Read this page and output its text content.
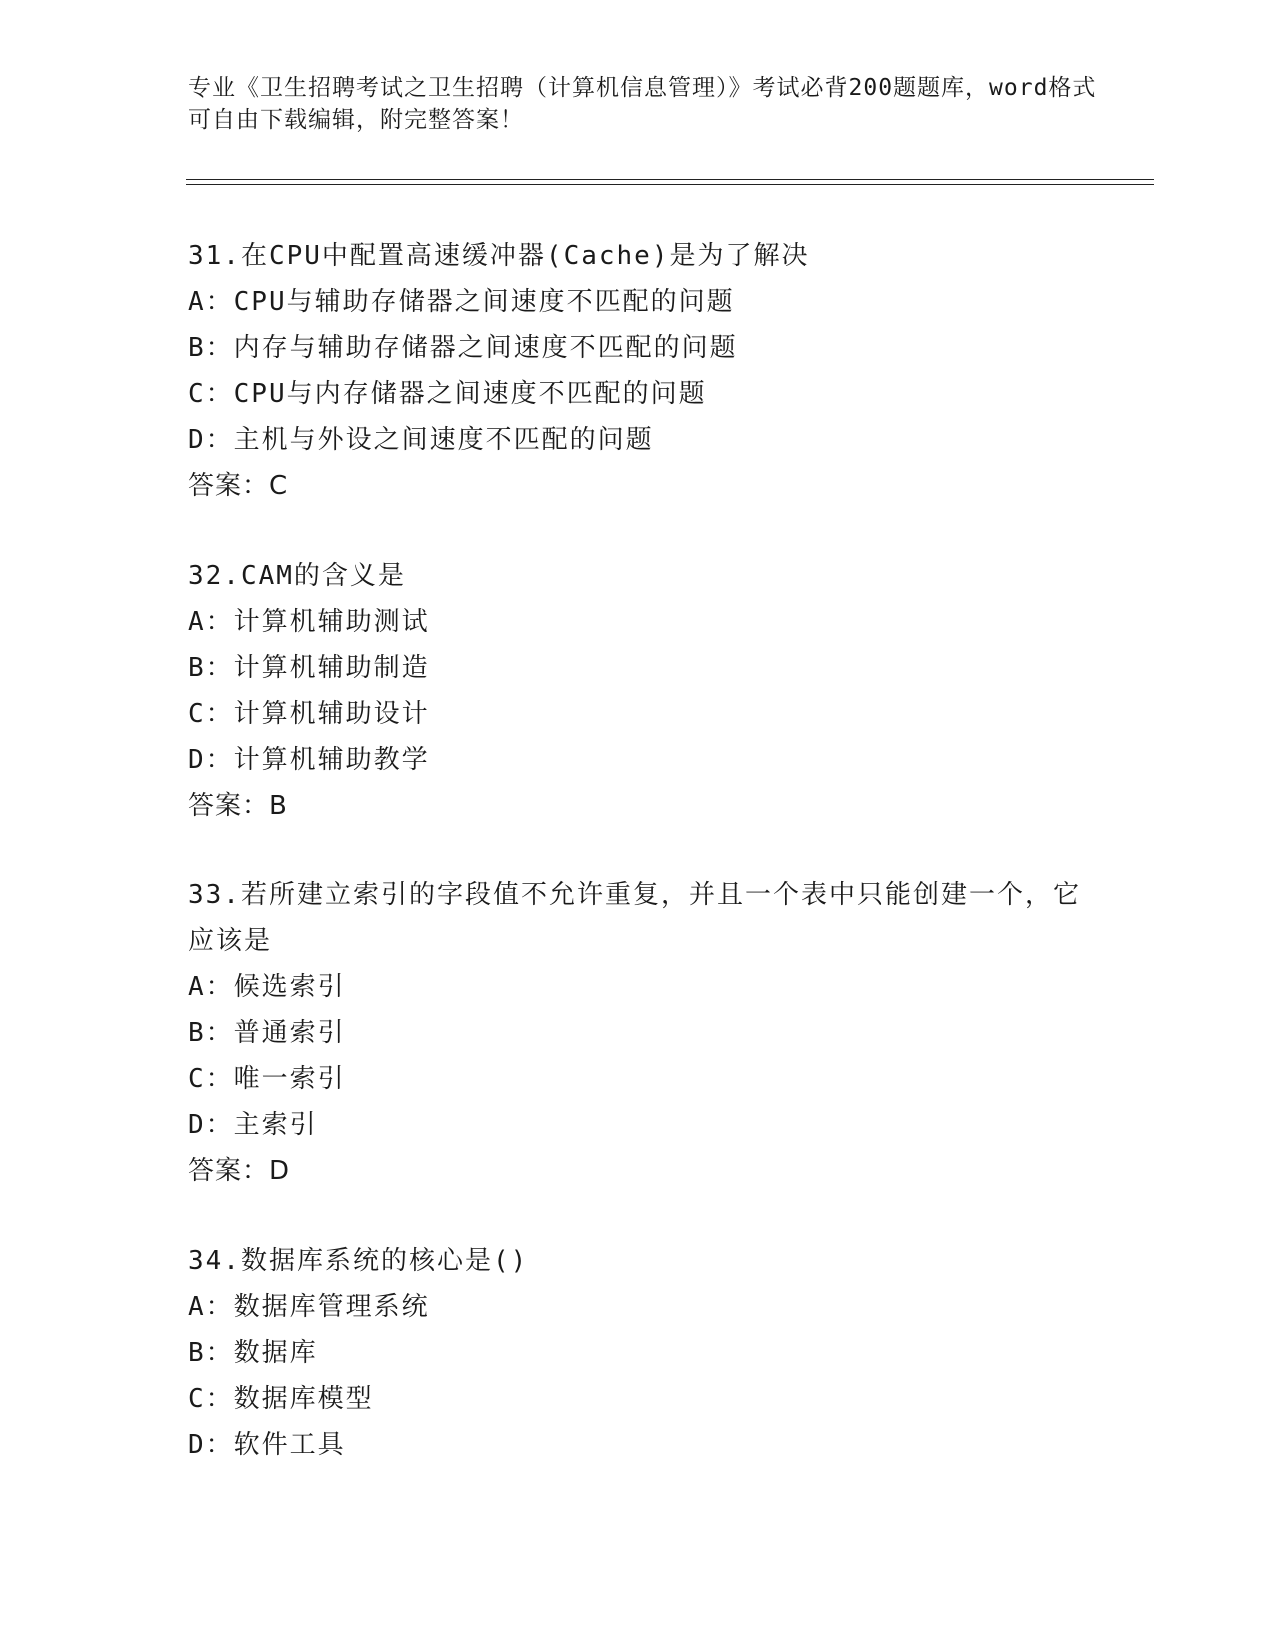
专业《卫生招聘考试之卫生招聘（计算机信息管理）》考试必背200题题库，word格式可自由下载编辑，附完整答案！
31.在CPU中配置高速缓冲器(Cache)是为了解决
A：CPU与辅助存储器之间速度不匹配的问题
B：内存与辅助存储器之间速度不匹配的问题
C：CPU与内存储器之间速度不匹配的问题
D：主机与外设之间速度不匹配的问题
答案：C
32.CAM的含义是
A：计算机辅助测试
B：计算机辅助制造
C：计算机辅助设计
D：计算机辅助教学
答案：B
33.若所建立索引的字段值不允许重复，并且一个表中只能创建一个，它应该是
A：候选索引
B：普通索引
C：唯一索引
D：主索引
答案：D
34.数据库系统的核心是()
A：数据库管理系统
B：数据库
C：数据库模型
D：软件工具
